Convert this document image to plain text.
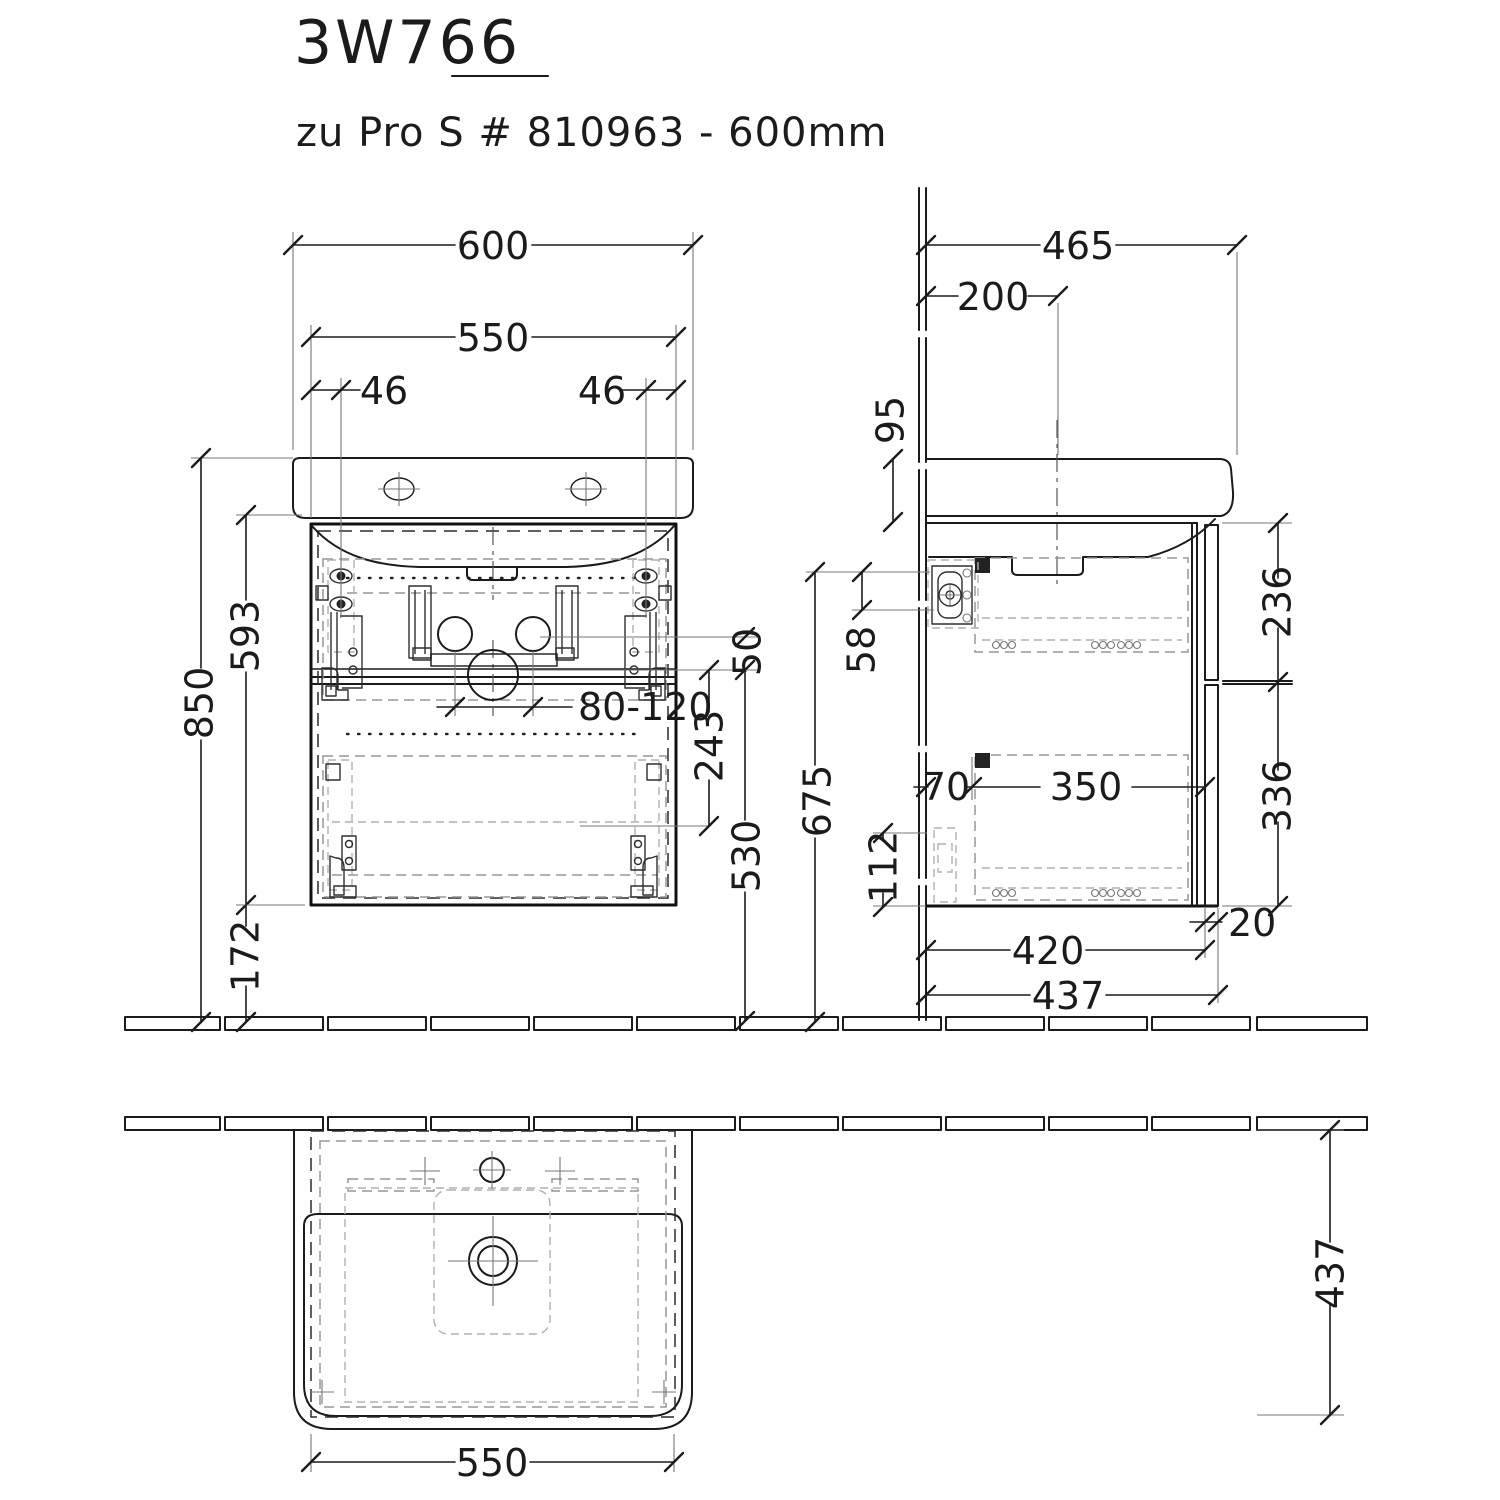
3W766
zu Pro S # 810963 - 600mm
600
550
46	46
850
593
172
80-120
50
243
530
465
200
95
58
675
112
70 350
236
336
20
420
437
550
437
